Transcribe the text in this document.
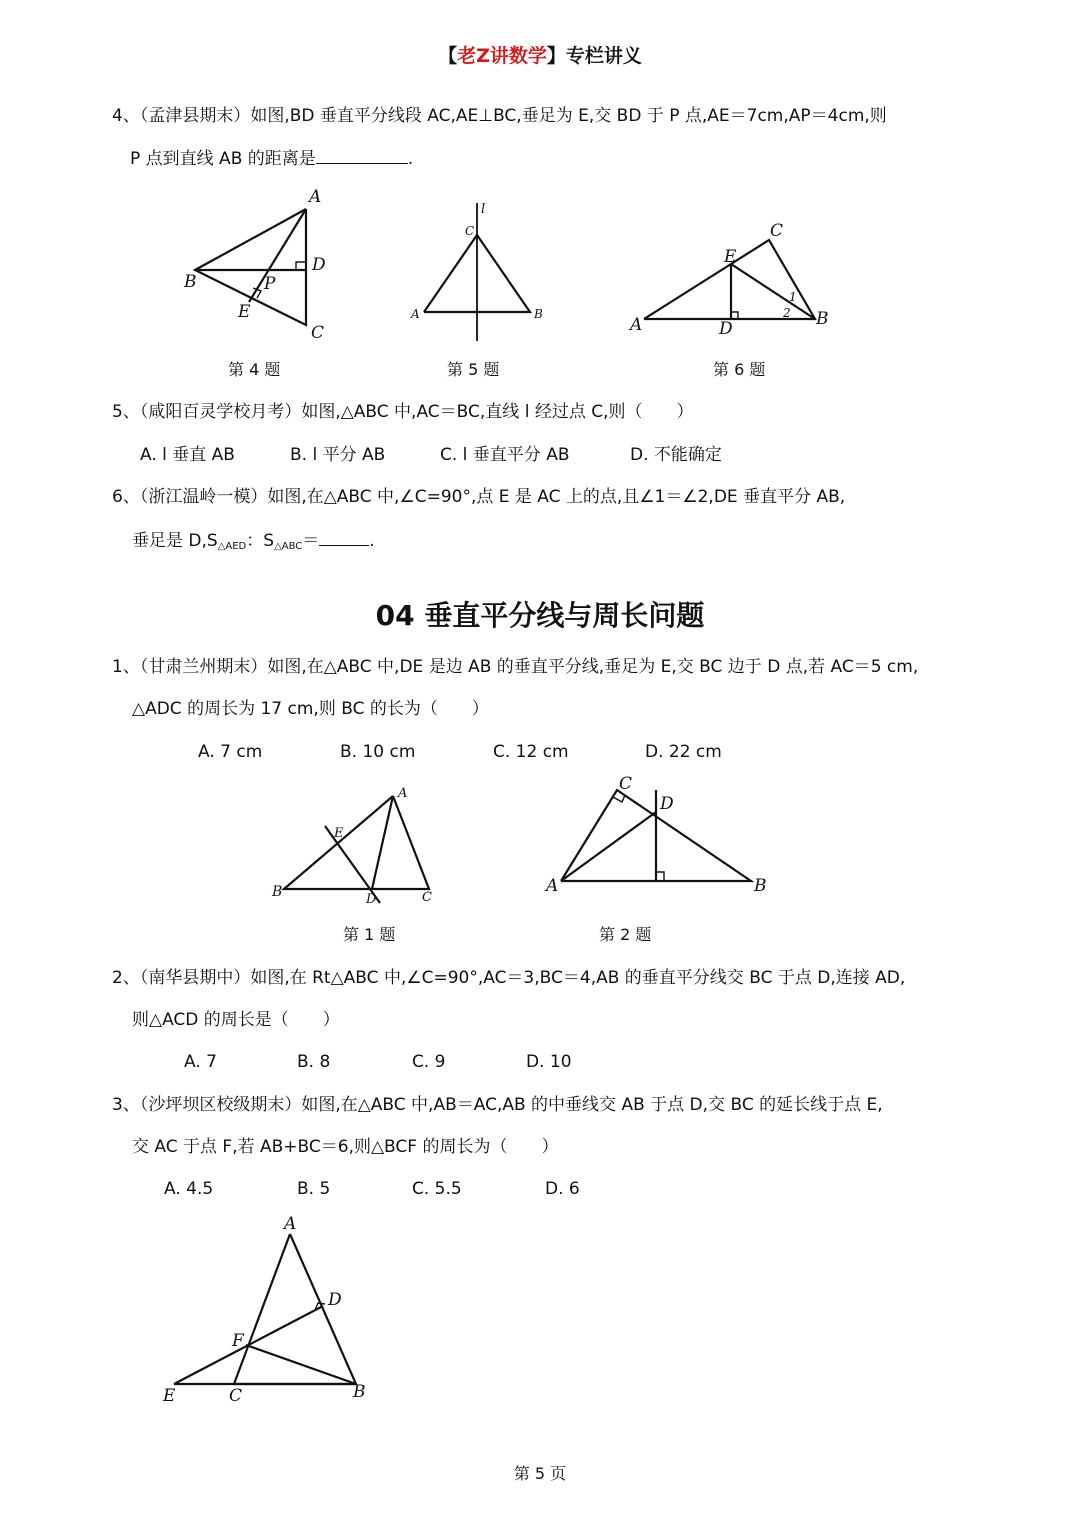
【老Z讲数学】专栏讲义
4、（孟津县期末）如图,BD 垂直平分线段 AC,AE⊥BC,垂足为 E,交 BD 于 P 点,AE＝7cm,AP＝4cm,则
P 点到直线 AB 的距离是	.
A
B
C
D
E
P
第 4 题
l
A	B
C
第 5 题
A	B
C
D
E
1
2
第 6 题
5、（咸阳百灵学校月考）如图,△ABC 中,AC＝BC,直线 l 经过点 C,则（　　）
A. l 垂直 AB	B. l 平分 AB	C. l 垂直平分 AB	D. 不能确定
6、（浙江温岭一模）如图,在△ABC 中,∠C=90°,点 E 是 AC 上的点,且∠1＝∠2,DE 垂直平分 AB,
垂足是 $D,S_{\triangle AED}$：$S_{\triangle ABC}=$	.
04 垂直平分线与周长问题
1、（甘肃兰州期末）如图,在△ABC 中,DE 是边 AB 的垂直平分线,垂足为 E,交 BC 边于 D 点,若 AC＝5 cm,
△ADC 的周长为 17 cm,则 BC 的长为（　　）
A. 7 cm	B. 10 cm	C. 12 cm	D. 22 cm
A
B	C
D
E
第 1 题
A	B
C
D
第 2 题
2、（南华县期中）如图,在 Rt△ABC 中,∠C=90°,AC＝3,BC＝4,AB 的垂直平分线交 BC 于点 D,连接 AD,
则△ACD 的周长是（　　）
A. 7	B. 8	C. 9	D. 10
3、（沙坪坝区校级期末）如图,在△ABC 中,AB＝AC,AB 的中垂线交 AB 于点 D,交 BC 的延长线于点 E,
交 AC 于点 F,若 AB+BC＝6,则△BCF 的周长为（　　）
A. 4.5	B. 5	C. 5.5	D. 6
A
B
C
D
E
F
第 5 页
